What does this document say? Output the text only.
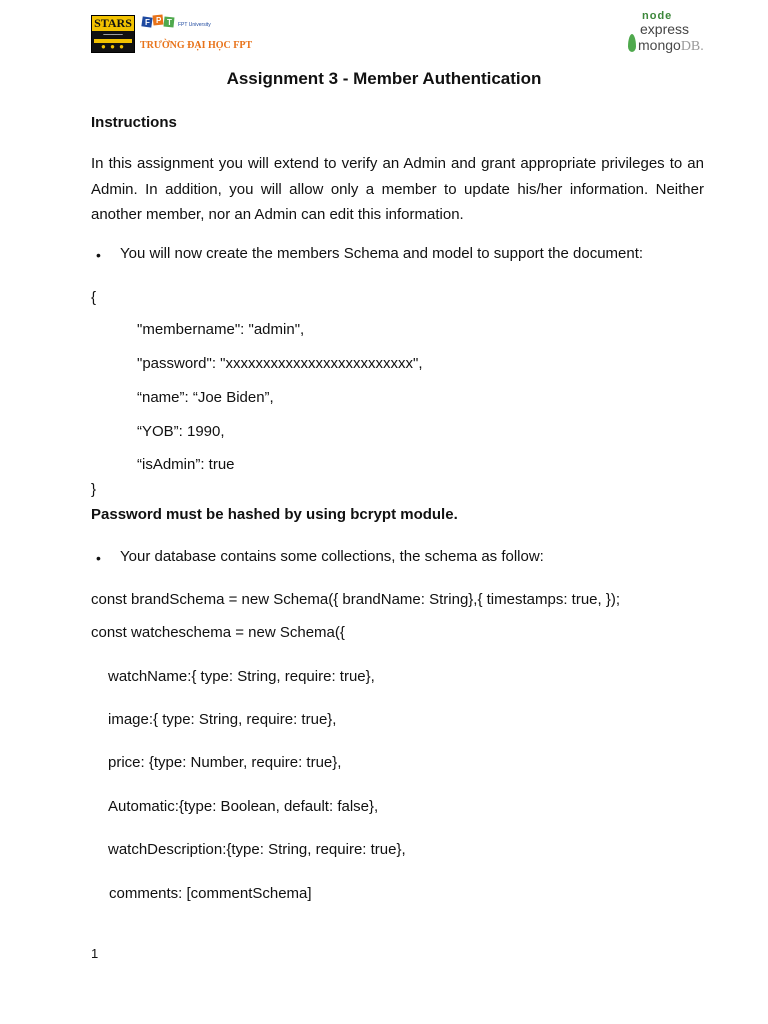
STARS
━━━━━━━━
● ● ●
F P T FPT University
TRƯỜNG ĐẠI HỌC FPT
node
express
mongoDB.
Assignment 3 - Member Authentication
Instructions
In this assignment you will extend to verify an Admin and grant appropriate privileges to an Admin. In addition, you will allow only a member to update his/her information. Neither another member, nor an Admin can edit this information.
• You will now create the members Schema and model to support the document:
{
"membername": "admin",
"password": "xxxxxxxxxxxxxxxxxxxxxxxxx",
“name”: “Joe Biden”,
“YOB”: 1990,
“isAdmin”: true
}
Password must be hashed by using bcrypt module.
• Your database contains some collections, the schema as follow:
const brandSchema = new Schema({ brandName: String},{ timestamps: true, });
const watcheschema = new Schema({
watchName:{ type: String, require: true},
image:{ type: String, require: true},
price: {type: Number, require: true},
Automatic:{type: Boolean, default: false},
watchDescription:{type: String, require: true},
comments: [commentSchema]
1
